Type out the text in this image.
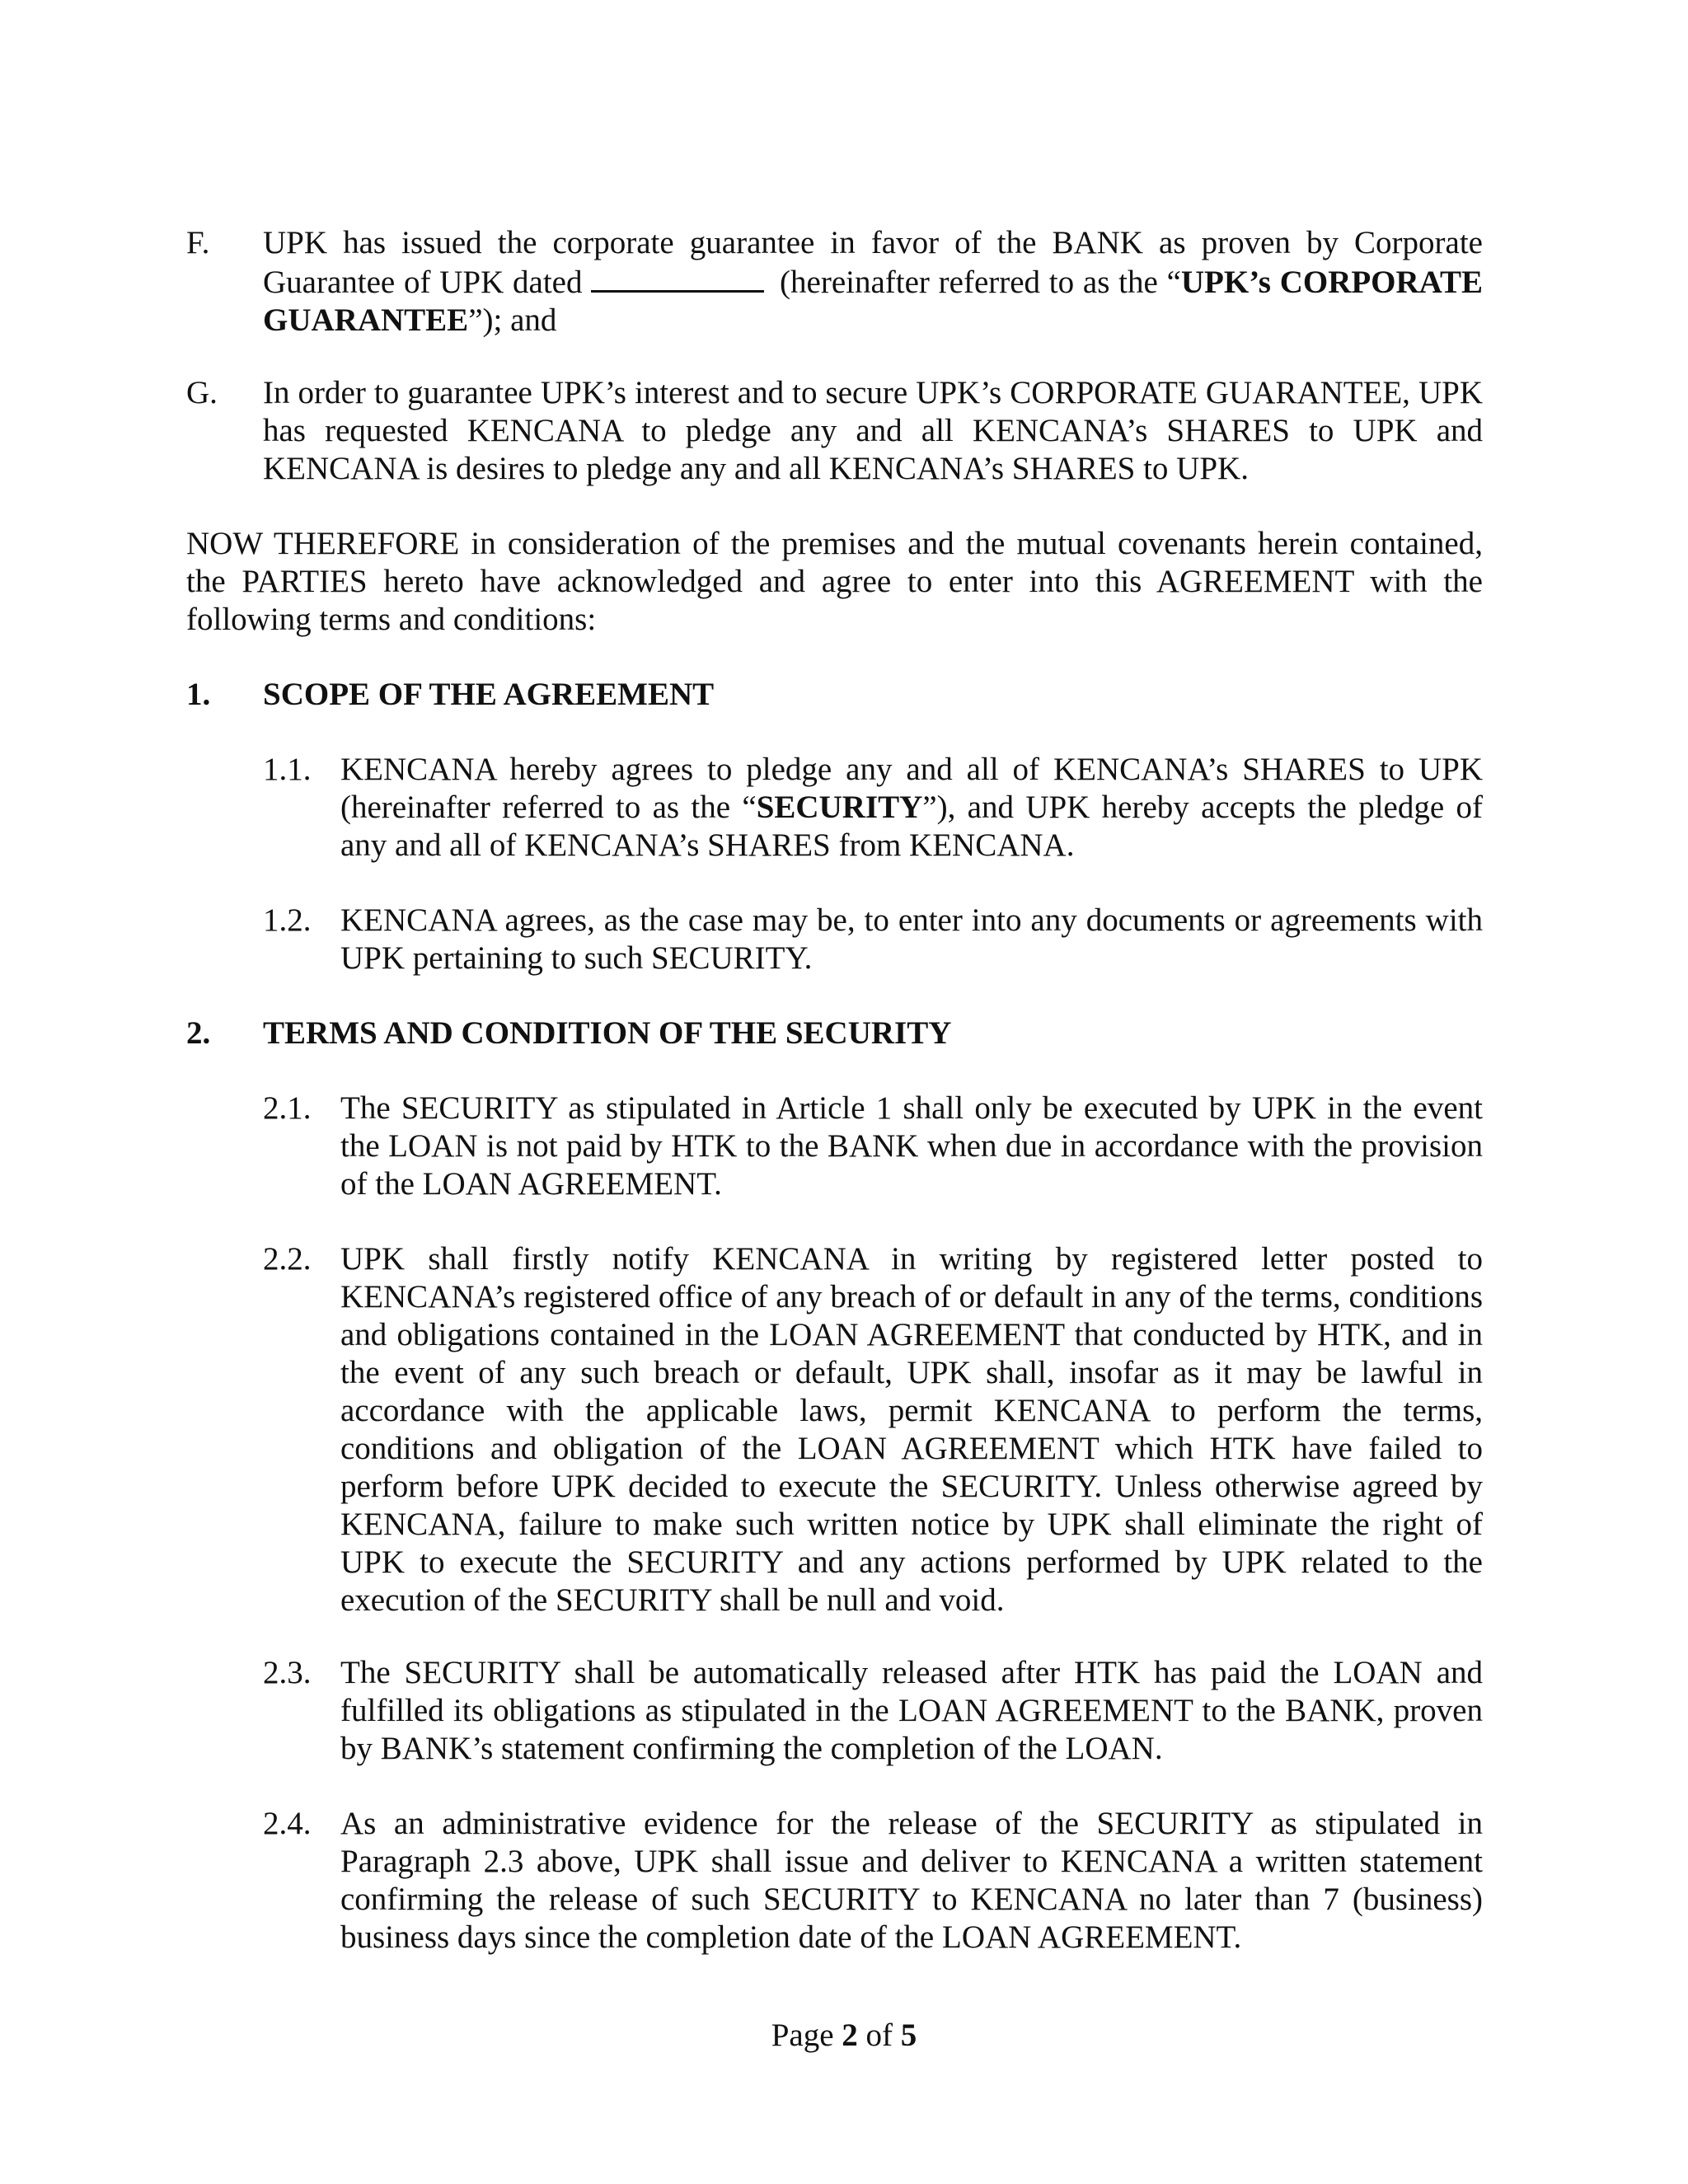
F. UPK has issued the corporate guarantee in favor of the BANK as proven by Corporate Guarantee of UPK dated	(hereinafter referred to as the “UPK’s CORPORATE GUARANTEE”); and
G. In order to guarantee UPK’s interest and to secure UPK’s CORPORATE GUARANTEE, UPK has requested KENCANA to pledge any and all KENCANA’s SHARES to UPK and KENCANA is desires to pledge any and all KENCANA’s SHARES to UPK.
NOW THEREFORE in consideration of the premises and the mutual covenants herein contained, the PARTIES hereto have acknowledged and agree to enter into this AGREEMENT with the following terms and conditions:
1. SCOPE OF THE AGREEMENT
1.1. KENCANA hereby agrees to pledge any and all of KENCANA’s SHARES to UPK (hereinafter referred to as the “SECURITY”), and UPK hereby accepts the pledge of any and all of KENCANA’s SHARES from KENCANA.
1.2. KENCANA agrees, as the case may be, to enter into any documents or agreements with UPK pertaining to such SECURITY.
2. TERMS AND CONDITION OF THE SECURITY
2.1. The SECURITY as stipulated in Article 1 shall only be executed by UPK in the event the LOAN is not paid by HTK to the BANK when due in accordance with the provision of the LOAN AGREEMENT.
2.2. UPK shall firstly notify KENCANA in writing by registered letter posted to KENCANA’s registered office of any breach of or default in any of the terms, conditions and obligations contained in the LOAN AGREEMENT that conducted by HTK, and in the event of any such breach or default, UPK shall, insofar as it may be lawful in accordance with the applicable laws, permit KENCANA to perform the terms, conditions and obligation of the LOAN AGREEMENT which HTK have failed to perform before UPK decided to execute the SECURITY. Unless otherwise agreed by KENCANA, failure to make such written notice by UPK shall eliminate the right of UPK to execute the SECURITY and any actions performed by UPK related to the execution of the SECURITY shall be null and void.
2.3. The SECURITY shall be automatically released after HTK has paid the LOAN and fulfilled its obligations as stipulated in the LOAN AGREEMENT to the BANK, proven by BANK’s statement confirming the completion of the LOAN.
2.4. As an administrative evidence for the release of the SECURITY as stipulated in Paragraph 2.3 above, UPK shall issue and deliver to KENCANA a written statement confirming the release of such SECURITY to KENCANA no later than 7 (business) business days since the completion date of the LOAN AGREEMENT.
Page 2 of 5
